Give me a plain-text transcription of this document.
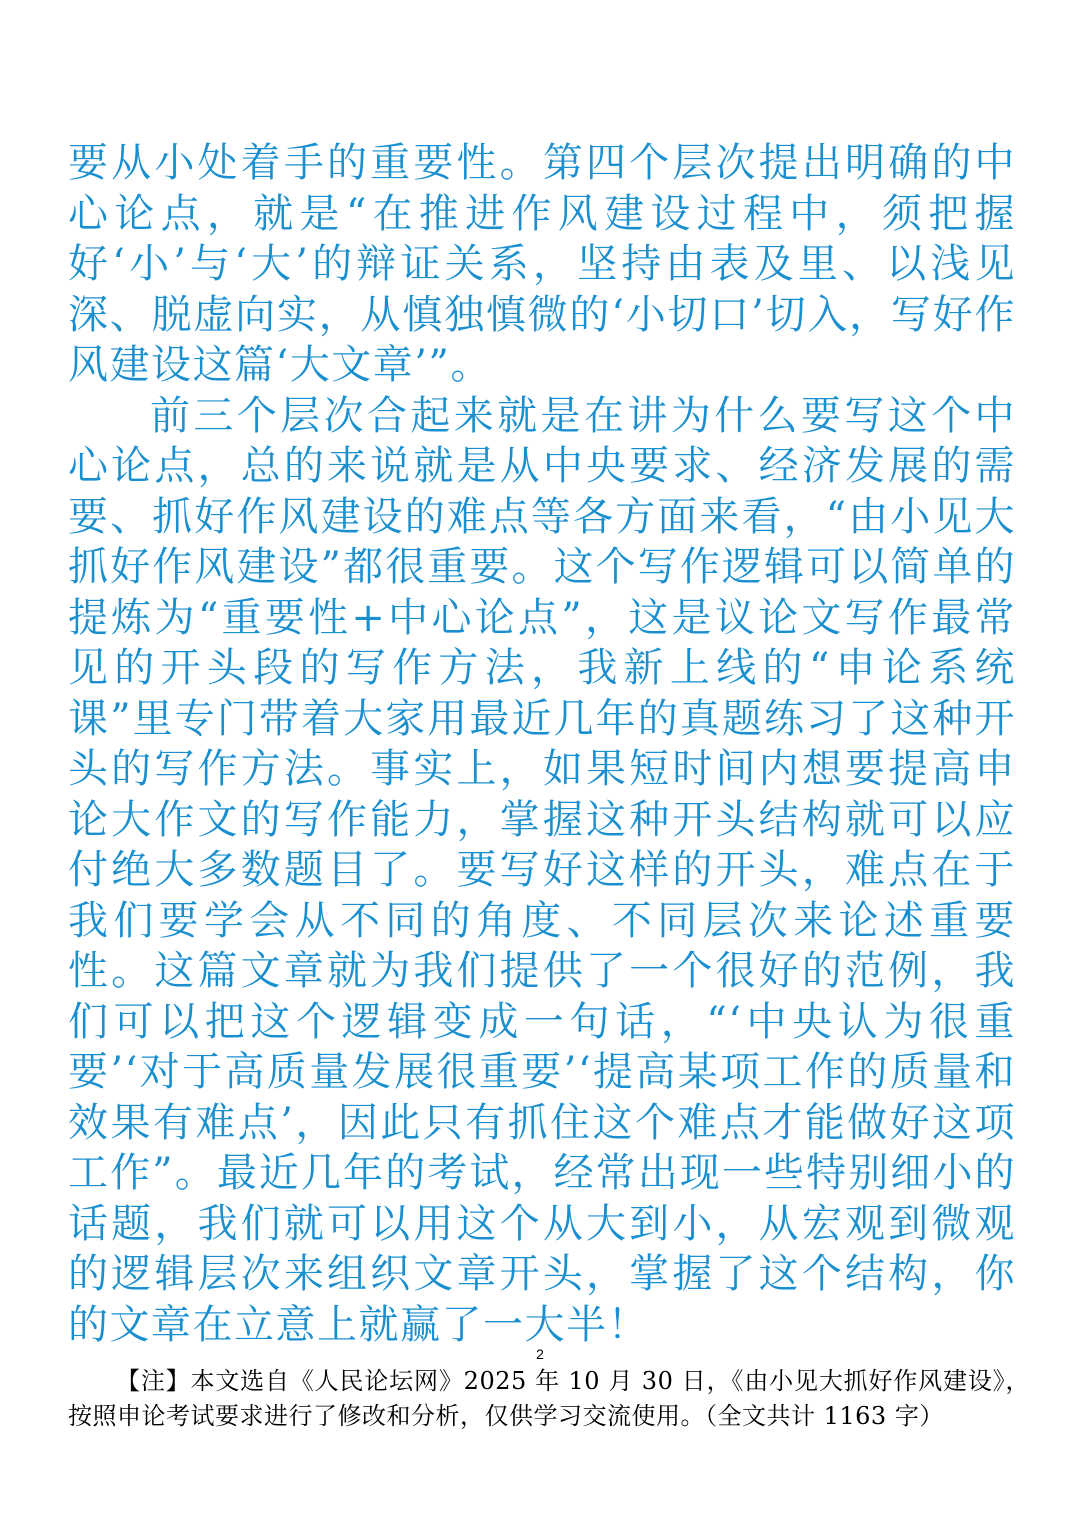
要从小处着手的重要性。第四个层次提出明确的中心论点，就是“在推进作风建设过程中，须把握好‘小’与‘大’的辩证关系，坚持由表及里、以浅见深、脱虚向实，从慎独慎微的‘小切口’切入，写好作风建设这篇‘大文章’”。

前三个层次合起来就是在讲为什么要写这个中心论点，总的来说就是从中央要求、经济发展的需要、抓好作风建设的难点等各方面来看，“由小见大抓好作风建设”都很重要。这个写作逻辑可以简单的提炼为“重要性+中心论点”，这是议论文写作最常见的开头段的写作方法，我新上线的“申论系统课”里专门带着大家用最近几年的真题练习了这种开头的写作方法。事实上，如果短时间内想要提高申论大作文的写作能力，掌握这种开头结构就可以应付绝大多数题目了。要写好这样的开头，难点在于我们要学会从不同的角度、不同层次来论述重要性。这篇文章就为我们提供了一个很好的范例，我们可以把这个逻辑变成一句话，“‘中央认为很重要’‘对于高质量发展很重要’‘提高某项工作的质量和效果有难点’，因此只有抓住这个难点才能做好这项工作”。最近几年的考试，经常出现一些特别细小的话题，我们就可以用这个从大到小，从宏观到微观的逻辑层次来组织文章开头，掌握了这个结构，你的文章在立意上就赢了一大半！

2
【注】本文选自《人民论坛网》2025 年 10 月 30 日，《由小见大抓好作风建设》，按照申论考试要求进行了修改和分析，仅供学习交流使用。（全文共计 1163 字）
